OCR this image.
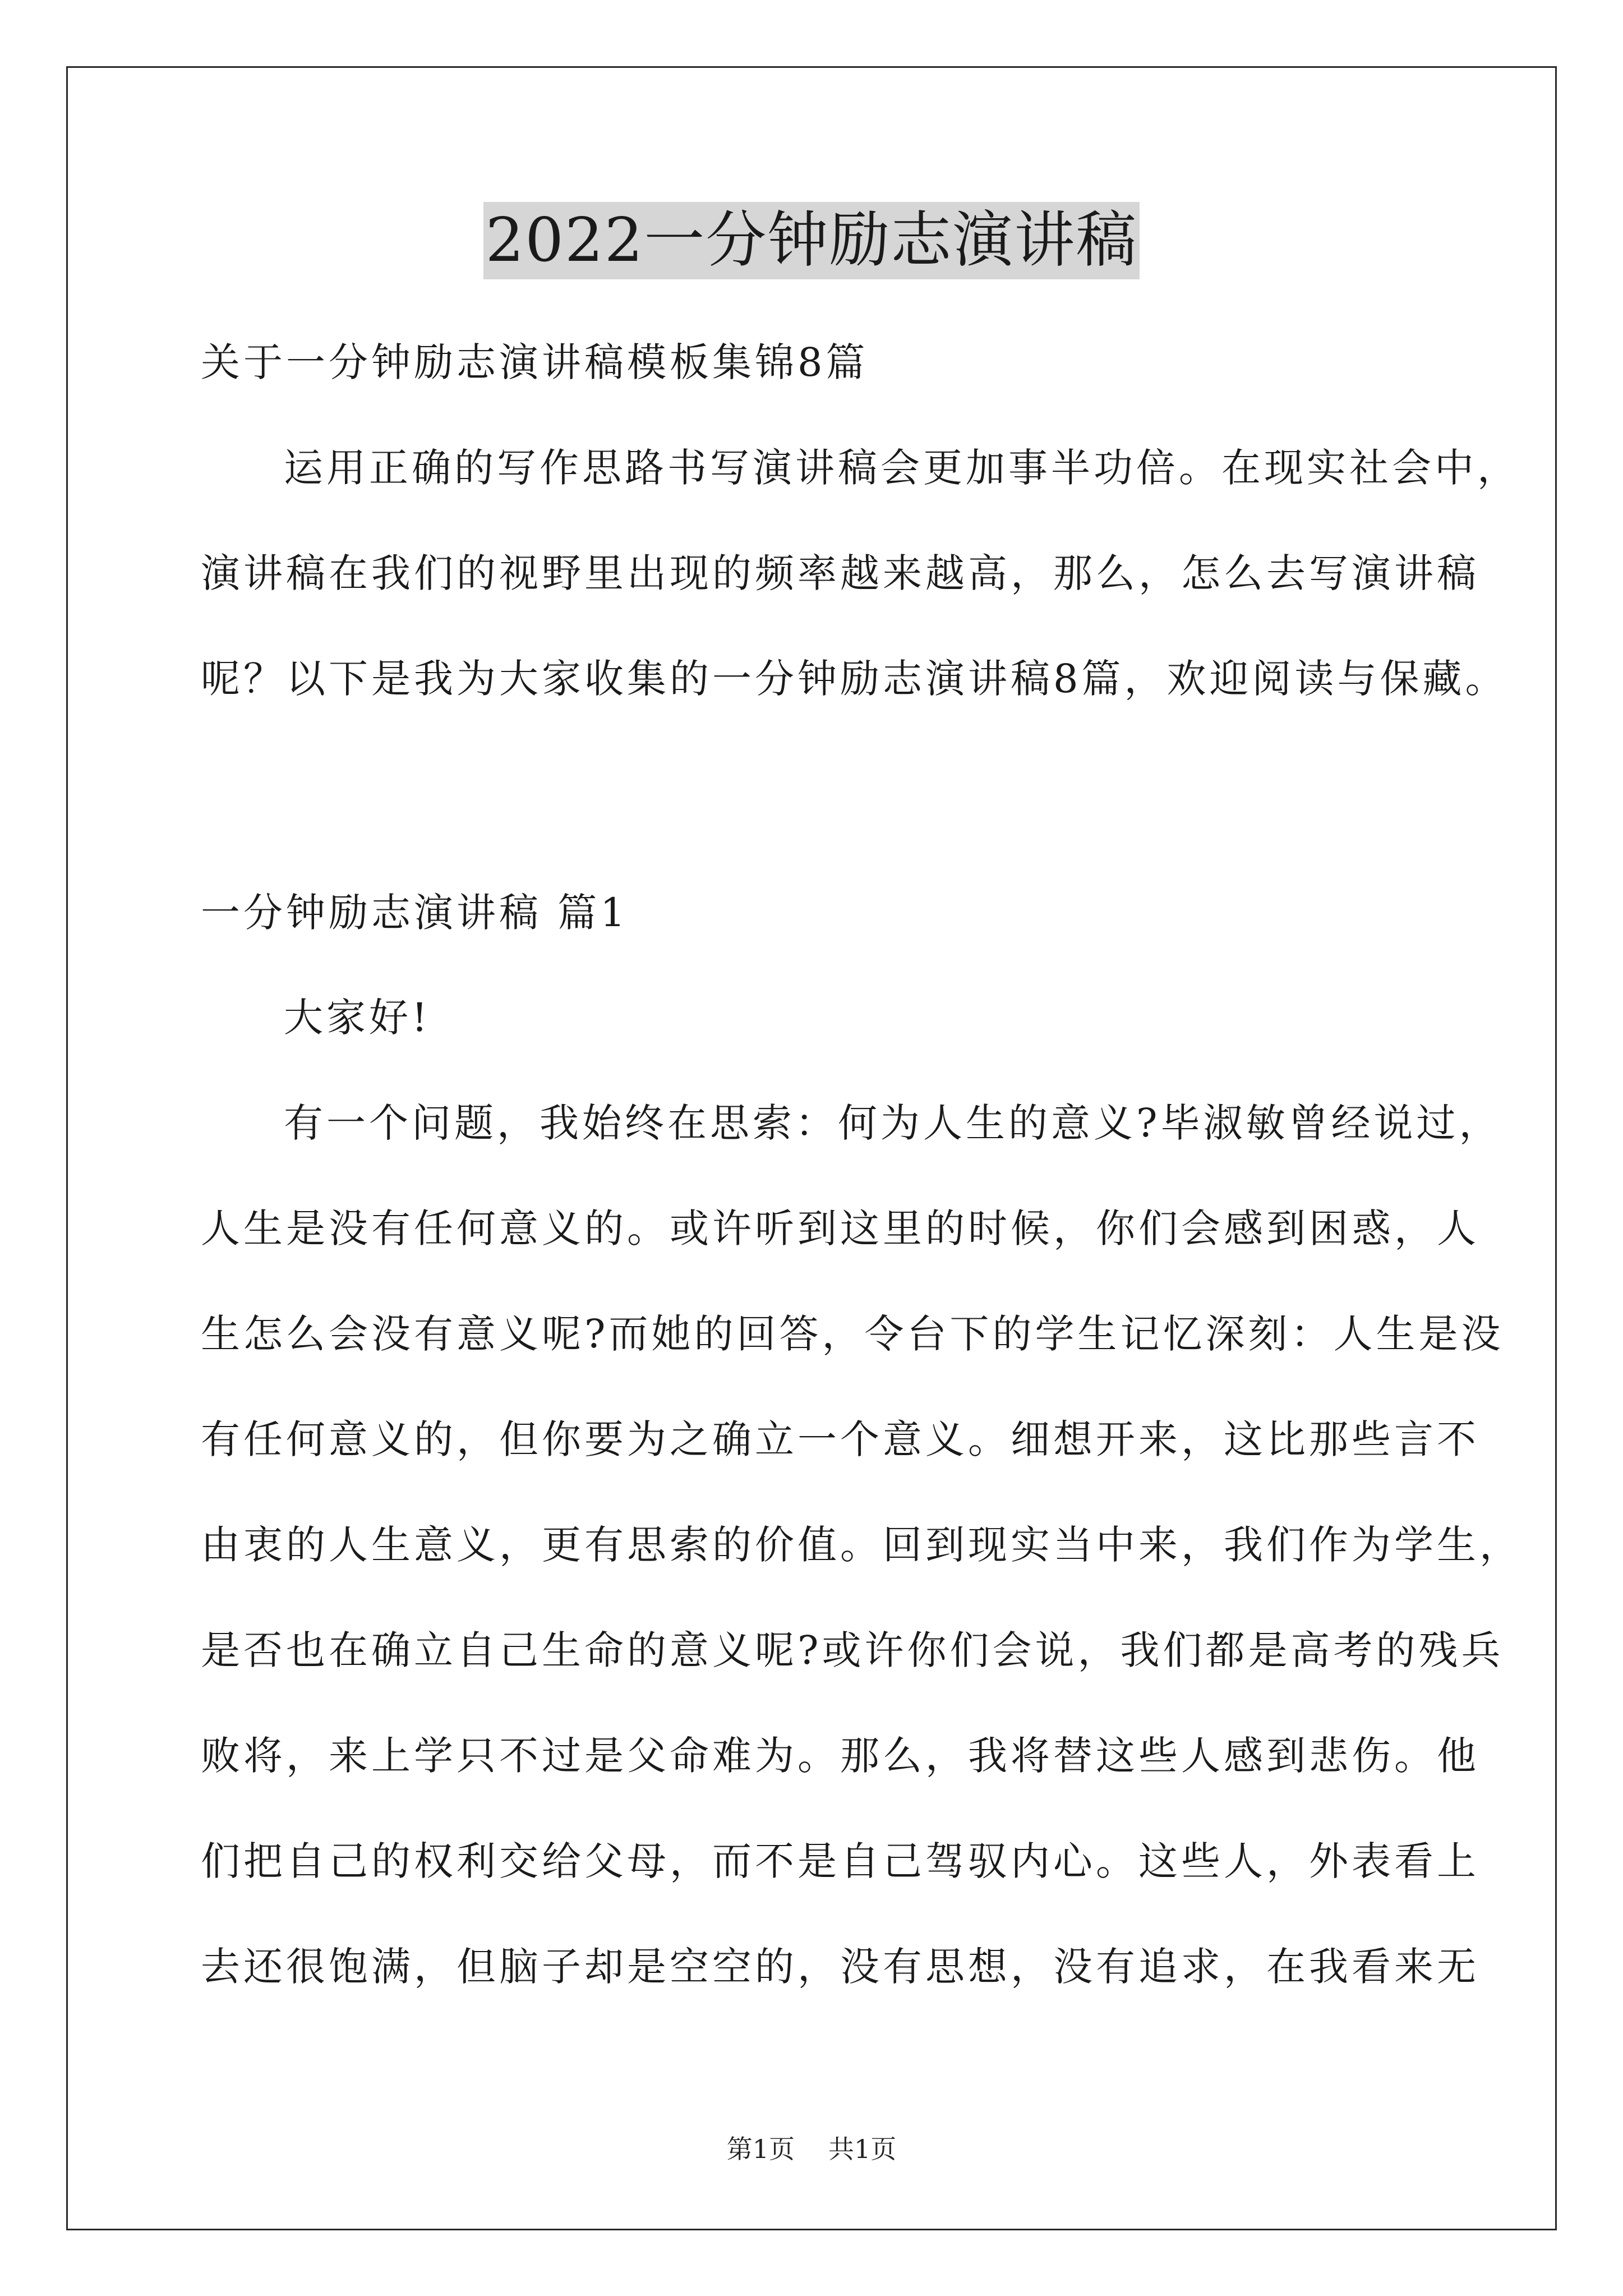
2022一分钟励志演讲稿
关于一分钟励志演讲稿模板集锦8篇
运用正确的写作思路书写演讲稿会更加事半功倍。在现实社会中，
演讲稿在我们的视野里出现的频率越来越高，那么，怎么去写演讲稿
呢？以下是我为大家收集的一分钟励志演讲稿8篇，欢迎阅读与保藏。
一分钟励志演讲稿 篇1
大家好!
有一个问题，我始终在思索：何为人生的意义?毕淑敏曾经说过，
人生是没有任何意义的。或许听到这里的时候，你们会感到困惑，人
生怎么会没有意义呢?而她的回答，令台下的学生记忆深刻：人生是没
有任何意义的，但你要为之确立一个意义。细想开来，这比那些言不
由衷的人生意义，更有思索的价值。回到现实当中来，我们作为学生，
是否也在确立自己生命的意义呢?或许你们会说，我们都是高考的残兵
败将，来上学只不过是父命难为。那么，我将替这些人感到悲伤。他
们把自己的权利交给父母，而不是自己驾驭内心。这些人，外表看上
去还很饱满，但脑子却是空空的，没有思想，没有追求，在我看来无
第1页 共1页
